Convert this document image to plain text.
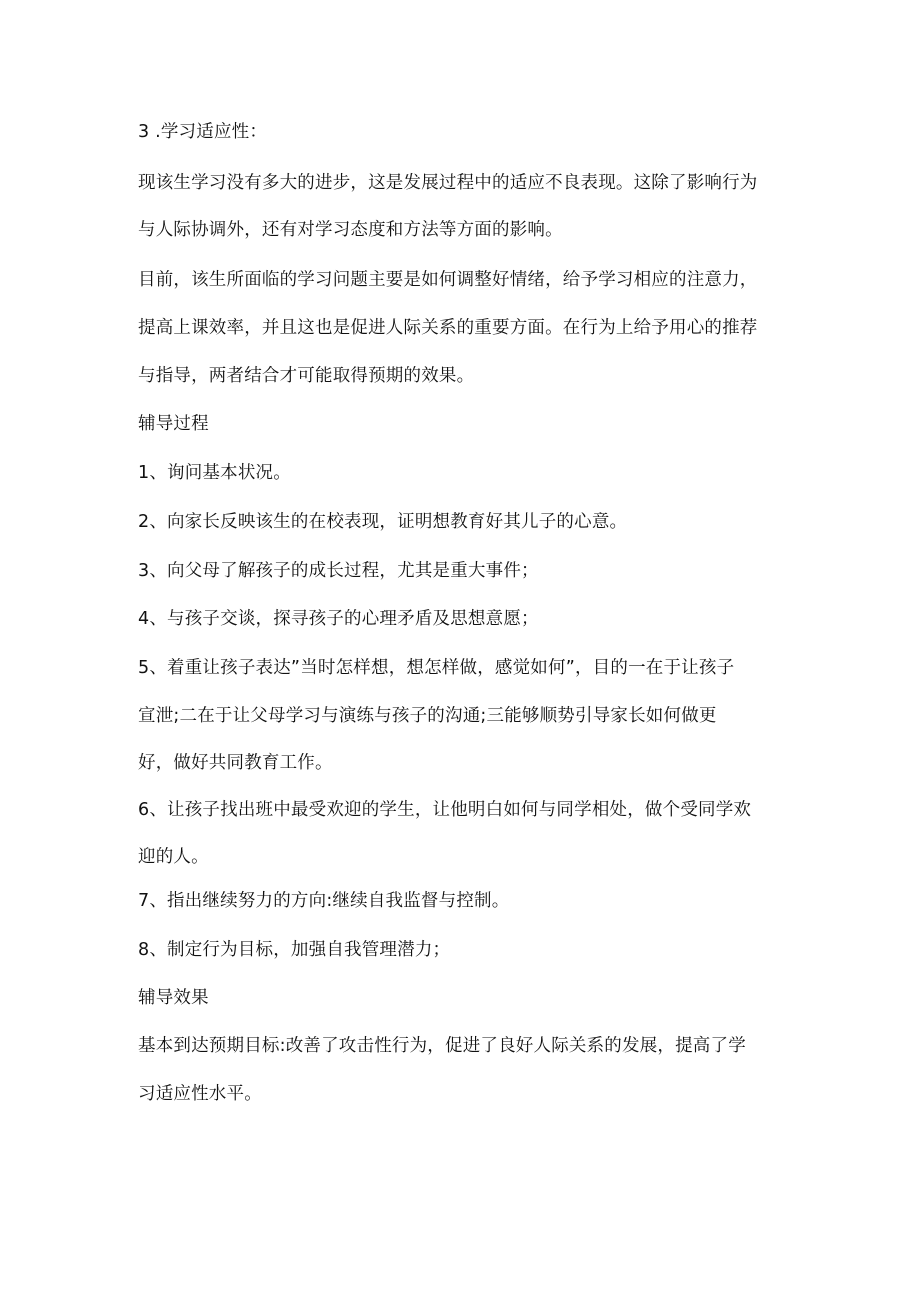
3 .学习适应性：
现该生学习没有多大的进步，这是发展过程中的适应不良表现。这除了影响行为
与人际协调外，还有对学习态度和方法等方面的影响。
目前，该生所面临的学习问题主要是如何调整好情绪，给予学习相应的注意力，
提高上课效率，并且这也是促进人际关系的重要方面。在行为上给予用心的推荐
与指导，两者结合才可能取得预期的效果。
辅导过程
1、询问基本状况。
2、向家长反映该生的在校表现，证明想教育好其儿子的心意。
3、向父母了解孩子的成长过程，尤其是重大事件；
4、与孩子交谈，探寻孩子的心理矛盾及思想意愿；
5、着重让孩子表达”当时怎样想，想怎样做，感觉如何”，目的一在于让孩子
宣泄;二在于让父母学习与演练与孩子的沟通;三能够顺势引导家长如何做更
好，做好共同教育工作。
6、让孩子找出班中最受欢迎的学生，让他明白如何与同学相处，做个受同学欢
迎的人。
7、指出继续努力的方向:继续自我监督与控制。
8、制定行为目标，加强自我管理潜力；
辅导效果
基本到达预期目标:改善了攻击性行为，促进了良好人际关系的发展，提高了学
习适应性水平。
